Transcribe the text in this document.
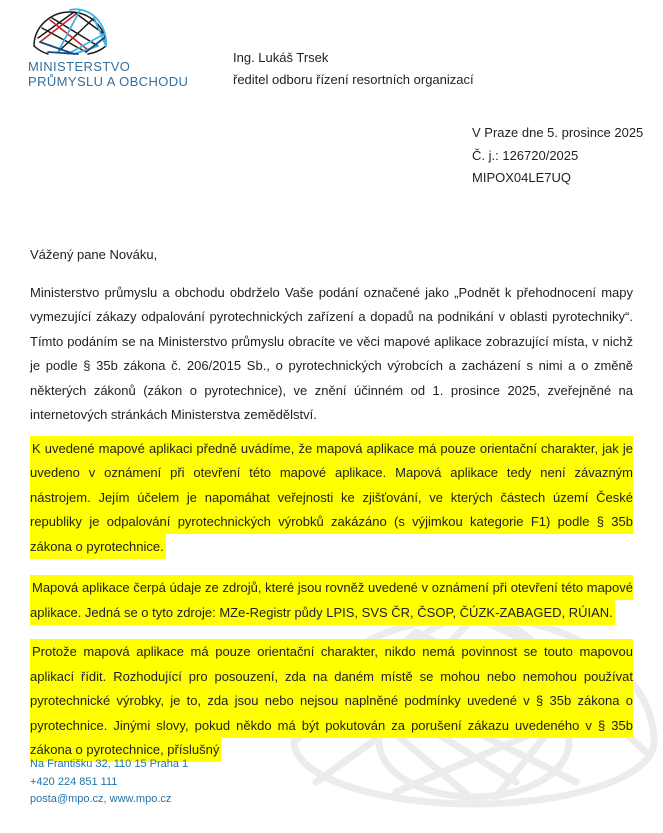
MINISTERSTVO
PRŮMYSLU A OBCHODU
Ing. Lukáš Trsek
ředitel odboru řízení resortních organizací
V Praze dne 5. prosince 2025
Č. j.: 126720/2025
MIPOX04LE7UQ

Vážený pane Nováku,

Ministerstvo průmyslu a obchodu obdrželo Vaše podání označené jako „Podnět k přehodnocení mapy vymezující zákazy odpalování pyrotechnických zařízení a dopadů na podnikání v oblasti pyrotechniky“. Tímto podáním se na Ministerstvo průmyslu obracíte ve věci mapové aplikace zobrazující místa, v nichž je podle § 35b zákona č. 206/2015 Sb., o pyrotechnických výrobcích a zacházení s nimi a o změně některých zákonů (zákon o pyrotechnice), ve znění účinném od 1. prosince 2025, zveřejněné na internetových stránkách Ministerstva zemědělství.

K uvedené mapové aplikaci předně uvádíme, že mapová aplikace má pouze orientační charakter, jak je uvedeno v oznámení při otevření této mapové aplikace. Mapová aplikace tedy není závazným nástrojem. Jejím účelem je napomáhat veřejnosti ke zjišťování, ve kterých částech území České republiky je odpalování pyrotechnických výrobků zakázáno (s výjimkou kategorie F1) podle § 35b zákona o pyrotechnice.

Mapová aplikace čerpá údaje ze zdrojů, které jsou rovněž uvedené v oznámení při otevření této mapové aplikace. Jedná se o tyto zdroje: MZe-Registr půdy LPIS, SVS ČR, ČSOP, ČÚZK-ZABAGED, RÚIAN.

Protože mapová aplikace má pouze orientační charakter, nikdo nemá povinnost se touto mapovou aplikací řídit. Rozhodující pro posouzení, zda na daném místě se mohou nebo nemohou používat pyrotechnické výrobky, je to, zda jsou nebo nejsou naplněné podmínky uvedené v § 35b zákona o pyrotechnice. Jinými slovy, pokud někdo má být pokutován za porušení zákazu uvedeného v § 35b zákona o pyrotechnice, příslušný

Na Františku 32, 110 15 Praha 1
+420 224 851 111
posta@mpo.cz, www.mpo.cz
